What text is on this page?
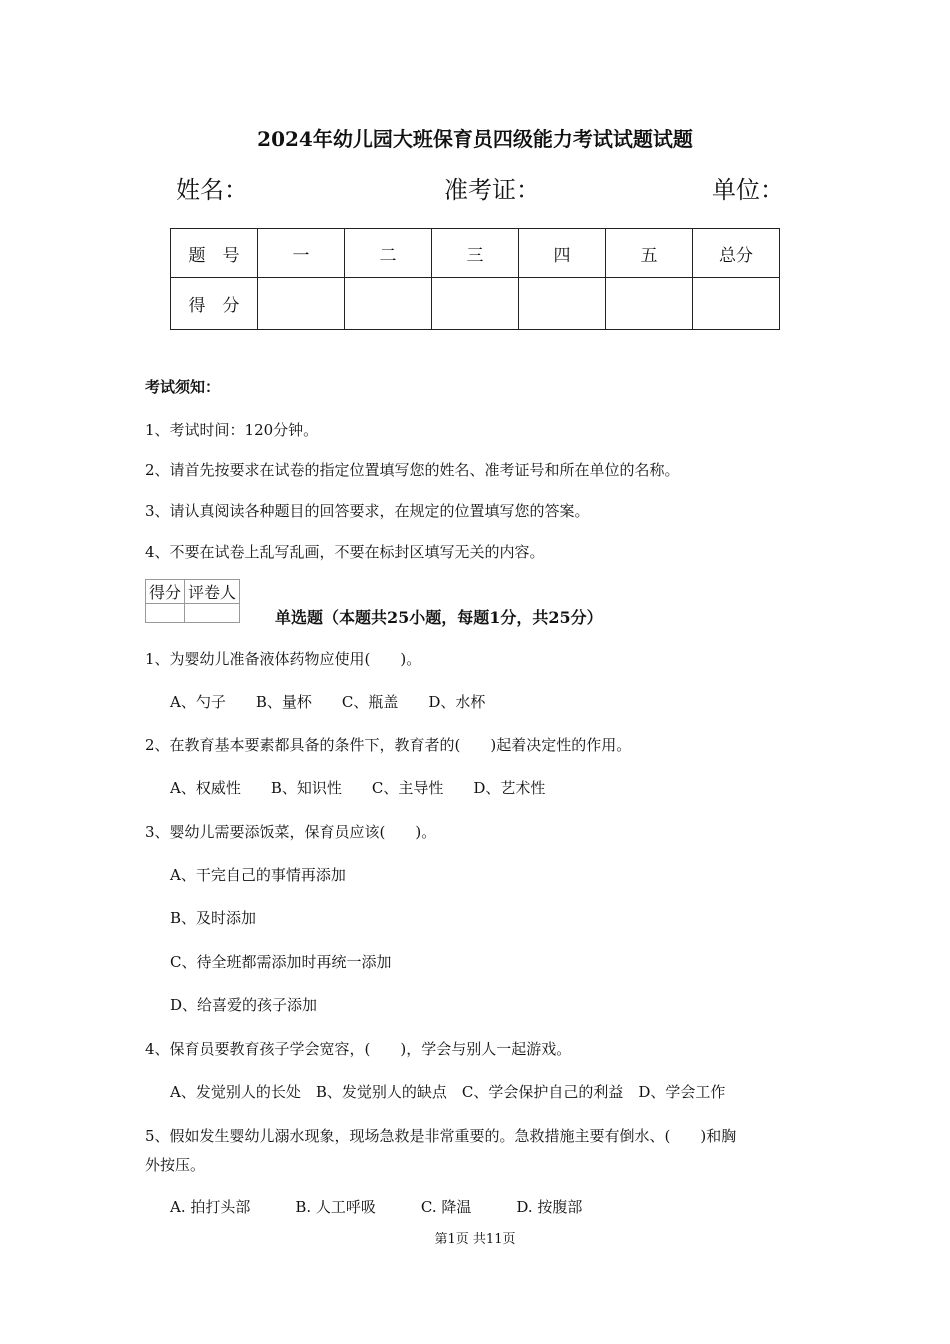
2024年幼儿园大班保育员四级能力考试试题试题
姓名：	准考证：	单位：
题　号	一	二	三	四	五	总分
得　分						
考试须知：
1、考试时间：120分钟。
2、请首先按要求在试卷的指定位置填写您的姓名、准考证号和所在单位的名称。
3、请认真阅读各种题目的回答要求，在规定的位置填写您的答案。
4、不要在试卷上乱写乱画，不要在标封区填写无关的内容。
得分	评卷人

单选题（本题共25小题，每题1分，共25分）
1、为婴幼儿准备液体药物应使用(　　)。
A、勺子　　B、量杯　　C、瓶盖　　D、水杯
2、在教育基本要素都具备的条件下，教育者的(　　)起着决定性的作用。
A、权威性　　B、知识性　　C、主导性　　D、艺术性
3、婴幼儿需要添饭菜，保育员应该(　　)。
A、干完自己的事情再添加
B、及时添加
C、待全班都需添加时再统一添加
D、给喜爱的孩子添加
4、保育员要教育孩子学会宽容，(　　)，学会与别人一起游戏。
A、发觉别人的长处　B、发觉别人的缺点　C、学会保护自己的利益　D、学会工作
5、假如发生婴幼儿溺水现象，现场急救是非常重要的。急救措施主要有倒水、(　　)和胸
外按压。
A. 拍打头部　　　B. 人工呼吸　　　C. 降温　　　D. 按腹部
第1页 共11页
